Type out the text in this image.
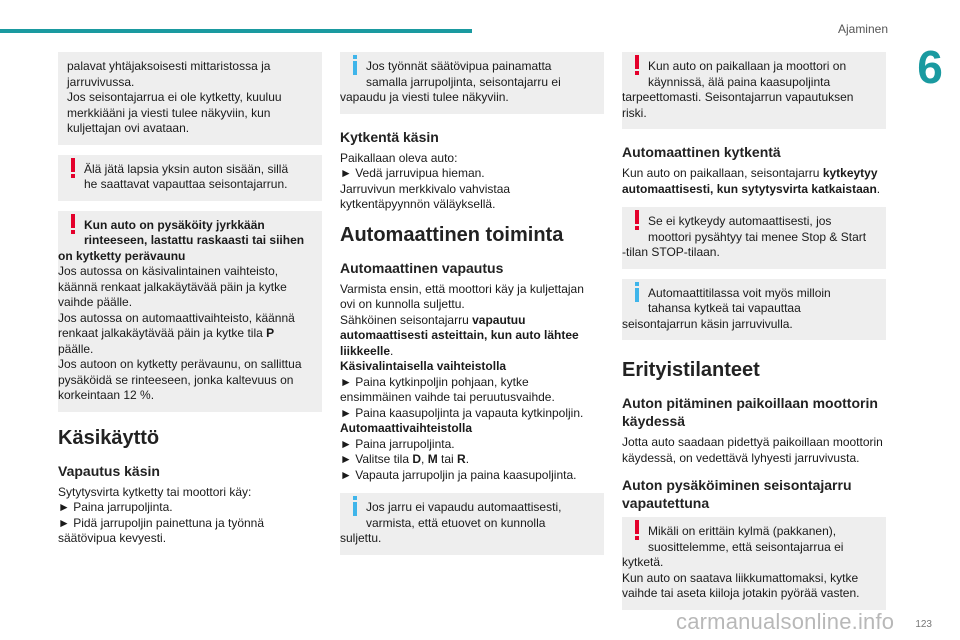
Ajaminen
6

palavat yhtäjaksoisesti mittaristossa ja
jarruvivussa.
Jos seisontajarrua ei ole kytketty, kuuluu
merkkiääni ja viesti tulee näkyviin, kun
kuljettajan ovi avataan.

Älä jätä lapsia yksin auton sisään, sillä
he saattavat vapauttaa seisontajarrun.

Kun auto on pysäköity jyrkkään
rinteeseen, lastattu raskaasti tai siihen
on kytketty perävaunu
Jos autossa on käsivalintainen vaihteisto,
käännä renkaat jalkakäytävää päin ja kytke
vaihde päälle.
Jos autossa on automaattivaihteisto, käännä
renkaat jalkakäytävää päin ja kytke tila P
päälle.
Jos autoon on kytketty perävaunu, on sallittua
pysäköidä se rinteeseen, jonka kaltevuus on
korkeintaan 12 %.

Käsikäyttö
Vapautus käsin

Sytytysvirta kytketty tai moottori käy:
► Paina jarrupoljinta.
► Pidä jarrupoljin painettuna ja työnnä
säätövipua kevyesti.

Jos työnnät säätövipua painamatta
samalla jarrupoljinta, seisontajarru ei
vapaudu ja viesti tulee näkyviin.

Kytkentä käsin

Paikallaan oleva auto:
► Vedä jarruvipua hieman.
Jarruvivun merkkivalo vahvistaa
kytkentäpyynnön väläyksellä.

Automaattinen toiminta
Automaattinen vapautus

Varmista ensin, että moottori käy ja kuljettajan
ovi on kunnolla suljettu.
Sähköinen seisontajarru vapautuu
automaattisesti asteittain, kun auto lähtee
liikkeelle.
Käsivalintaisella vaihteistolla
► Paina kytkinpoljin pohjaan, kytke
ensimmäinen vaihde tai peruutusvaihde.
► Paina kaasupoljinta ja vapauta kytkinpoljin.
Automaattivaihteistolla
► Paina jarrupoljinta.
► Valitse tila D, M tai R.
► Vapauta jarrupoljin ja paina kaasupoljinta.

Jos jarru ei vapaudu automaattisesti,
varmista, että etuovet on kunnolla
suljettu.

Kun auto on paikallaan ja moottori on
käynnissä, älä paina kaasupoljinta
tarpeettomasti. Seisontajarrun vapautuksen
riski.

Automaattinen kytkentä

Kun auto on paikallaan, seisontajarru kytkeytyy
automaattisesti, kun sytytysvirta katkaistaan.

Se ei kytkeydy automaattisesti, jos
moottori pysähtyy tai menee Stop & Start
-tilan STOP-tilaan.

Automaattitilassa voit myös milloin
tahansa kytkeä tai vapauttaa
seisontajarrun käsin jarruvivulla.

Erityistilanteet
Auton pitäminen paikoillaan moottorin käydessä

Jotta auto saadaan pidettyä paikoillaan moottorin
käydessä, on vedettävä lyhyesti jarruvivusta.

Auton pysäköiminen seisontajarru vapautettuna

Mikäli on erittäin kylmä (pakkanen),
suosittelemme, että seisontajarrua ei
kytketä.
Kun auto on saatava liikkumattomaksi, kytke
vaihde tai aseta kiiloja jotakin pyörää vasten.

carmanualsonline.info 123
